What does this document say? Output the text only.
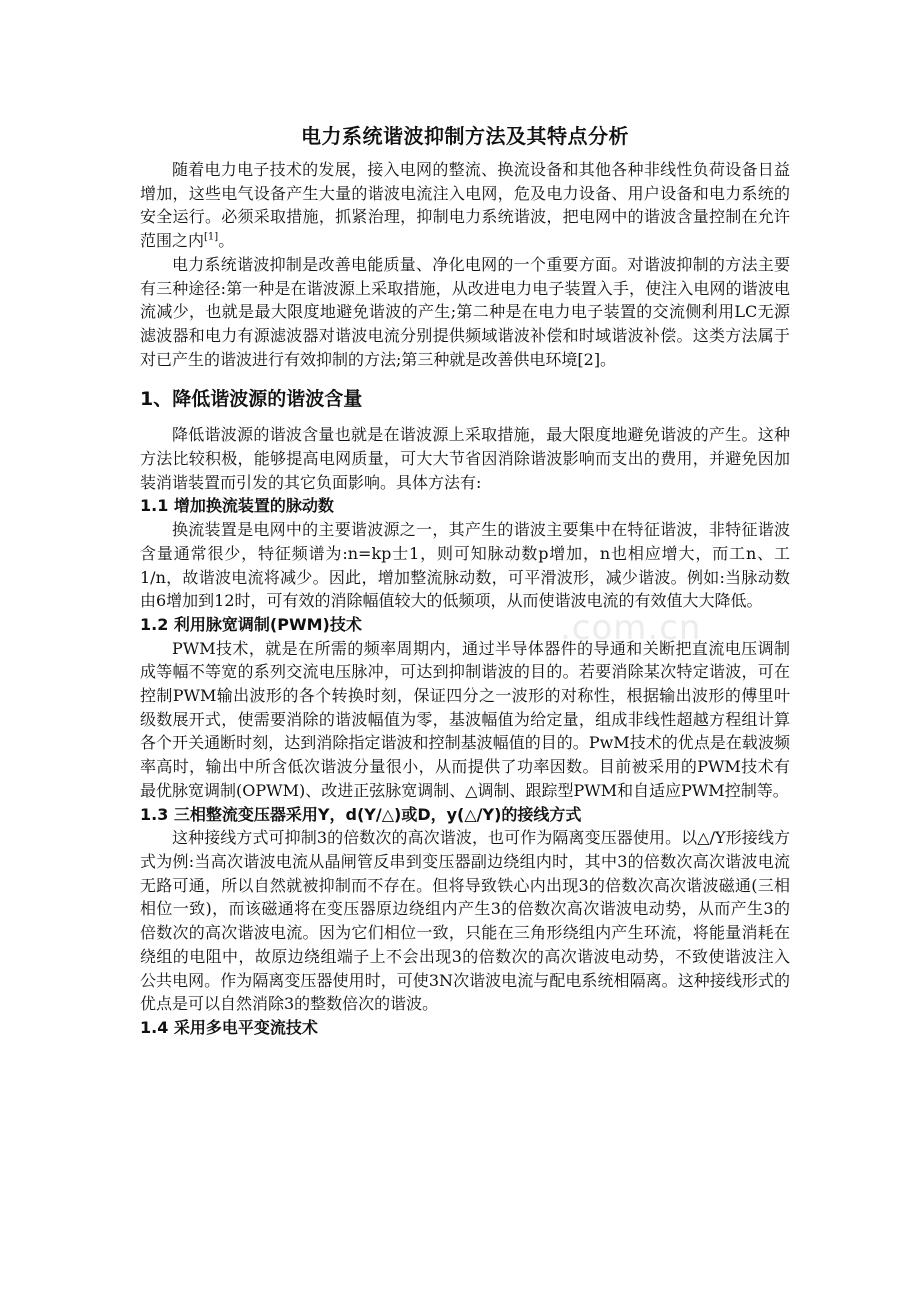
.com.cn
电力系统谐波抑制方法及其特点分析

随着电力电子技术的发展，接入电网的整流、换流设备和其他各种非线性负荷设备日益增加，这些电气设备产生大量的谐波电流注入电网，危及电力设备、用户设备和电力系统的安全运行。必须采取措施，抓紧治理，抑制电力系统谐波，把电网中的谐波含量控制在允许范围之内[1]。

电力系统谐波抑制是改善电能质量、净化电网的一个重要方面。对谐波抑制的方法主要有三种途径:第一种是在谐波源上采取措施，从改进电力电子装置入手，使注入电网的谐波电流减少，也就是最大限度地避免谐波的产生;第二种是在电力电子装置的交流侧利用LC无源滤波器和电力有源滤波器对谐波电流分别提供频域谐波补偿和时域谐波补偿。这类方法属于对已产生的谐波进行有效抑制的方法;第三种就是改善供电环境[2]。

1、降低谐波源的谐波含量

降低谐波源的谐波含量也就是在谐波源上采取措施，最大限度地避免谐波的产生。这种方法比较积极，能够提高电网质量，可大大节省因消除谐波影响而支出的费用，并避免因加装消谐装置而引发的其它负面影响。具体方法有:

1.1 增加换流装置的脉动数

换流装置是电网中的主要谐波源之一，其产生的谐波主要集中在特征谐波，非特征谐波含量通常很少，特征频谱为:n=kp士1，则可知脉动数p增加，n也相应增大，而工n、工1/n，故谐波电流将减少。因此，增加整流脉动数，可平滑波形，减少谐波。例如:当脉动数由6增加到12时，可有效的消除幅值较大的低频项，从而使谐波电流的有效值大大降低。

1.2 利用脉宽调制(PWM)技术

PWM技术，就是在所需的频率周期内，通过半导体器件的导通和关断把直流电压调制成等幅不等宽的系列交流电压脉冲，可达到抑制谐波的目的。若要消除某次特定谐波，可在控制PWM输出波形的各个转换时刻，保证四分之一波形的对称性，根据输出波形的傅里叶级数展开式，使需要消除的谐波幅值为零，基波幅值为给定量，组成非线性超越方程组计算各个开关通断时刻，达到消除指定谐波和控制基波幅值的目的。PwM技术的优点是在载波频率高时，输出中所含低次谐波分量很小，从而提供了功率因数。目前被采用的PWM技术有最优脉宽调制(OPWM)、改进正弦脉宽调制、△调制、跟踪型PWM和自适应PWM控制等。

1.3 三相整流变压器采用Y，d(Y/△)或D，y(△/Y)的接线方式

这种接线方式可抑制3的倍数次的高次谐波，也可作为隔离变压器使用。以△/Y形接线方式为例:当高次谐波电流从晶闸管反串到变压器副边绕组内时，其中3的倍数次高次谐波电流无路可通，所以自然就被抑制而不存在。但将导致铁心内出现3的倍数次高次谐波磁通(三相相位一致)，而该磁通将在变压器原边绕组内产生3的倍数次高次谐波电动势，从而产生3的倍数次的高次谐波电流。因为它们相位一致，只能在三角形绕组内产生环流，将能量消耗在绕组的电阻中，故原边绕组端子上不会出现3的倍数次的高次谐波电动势，不致使谐波注入公共电网。作为隔离变压器使用时，可使3N次谐波电流与配电系统相隔离。这种接线形式的优点是可以自然消除3的整数倍次的谐波。

1.4 采用多电平变流技术
